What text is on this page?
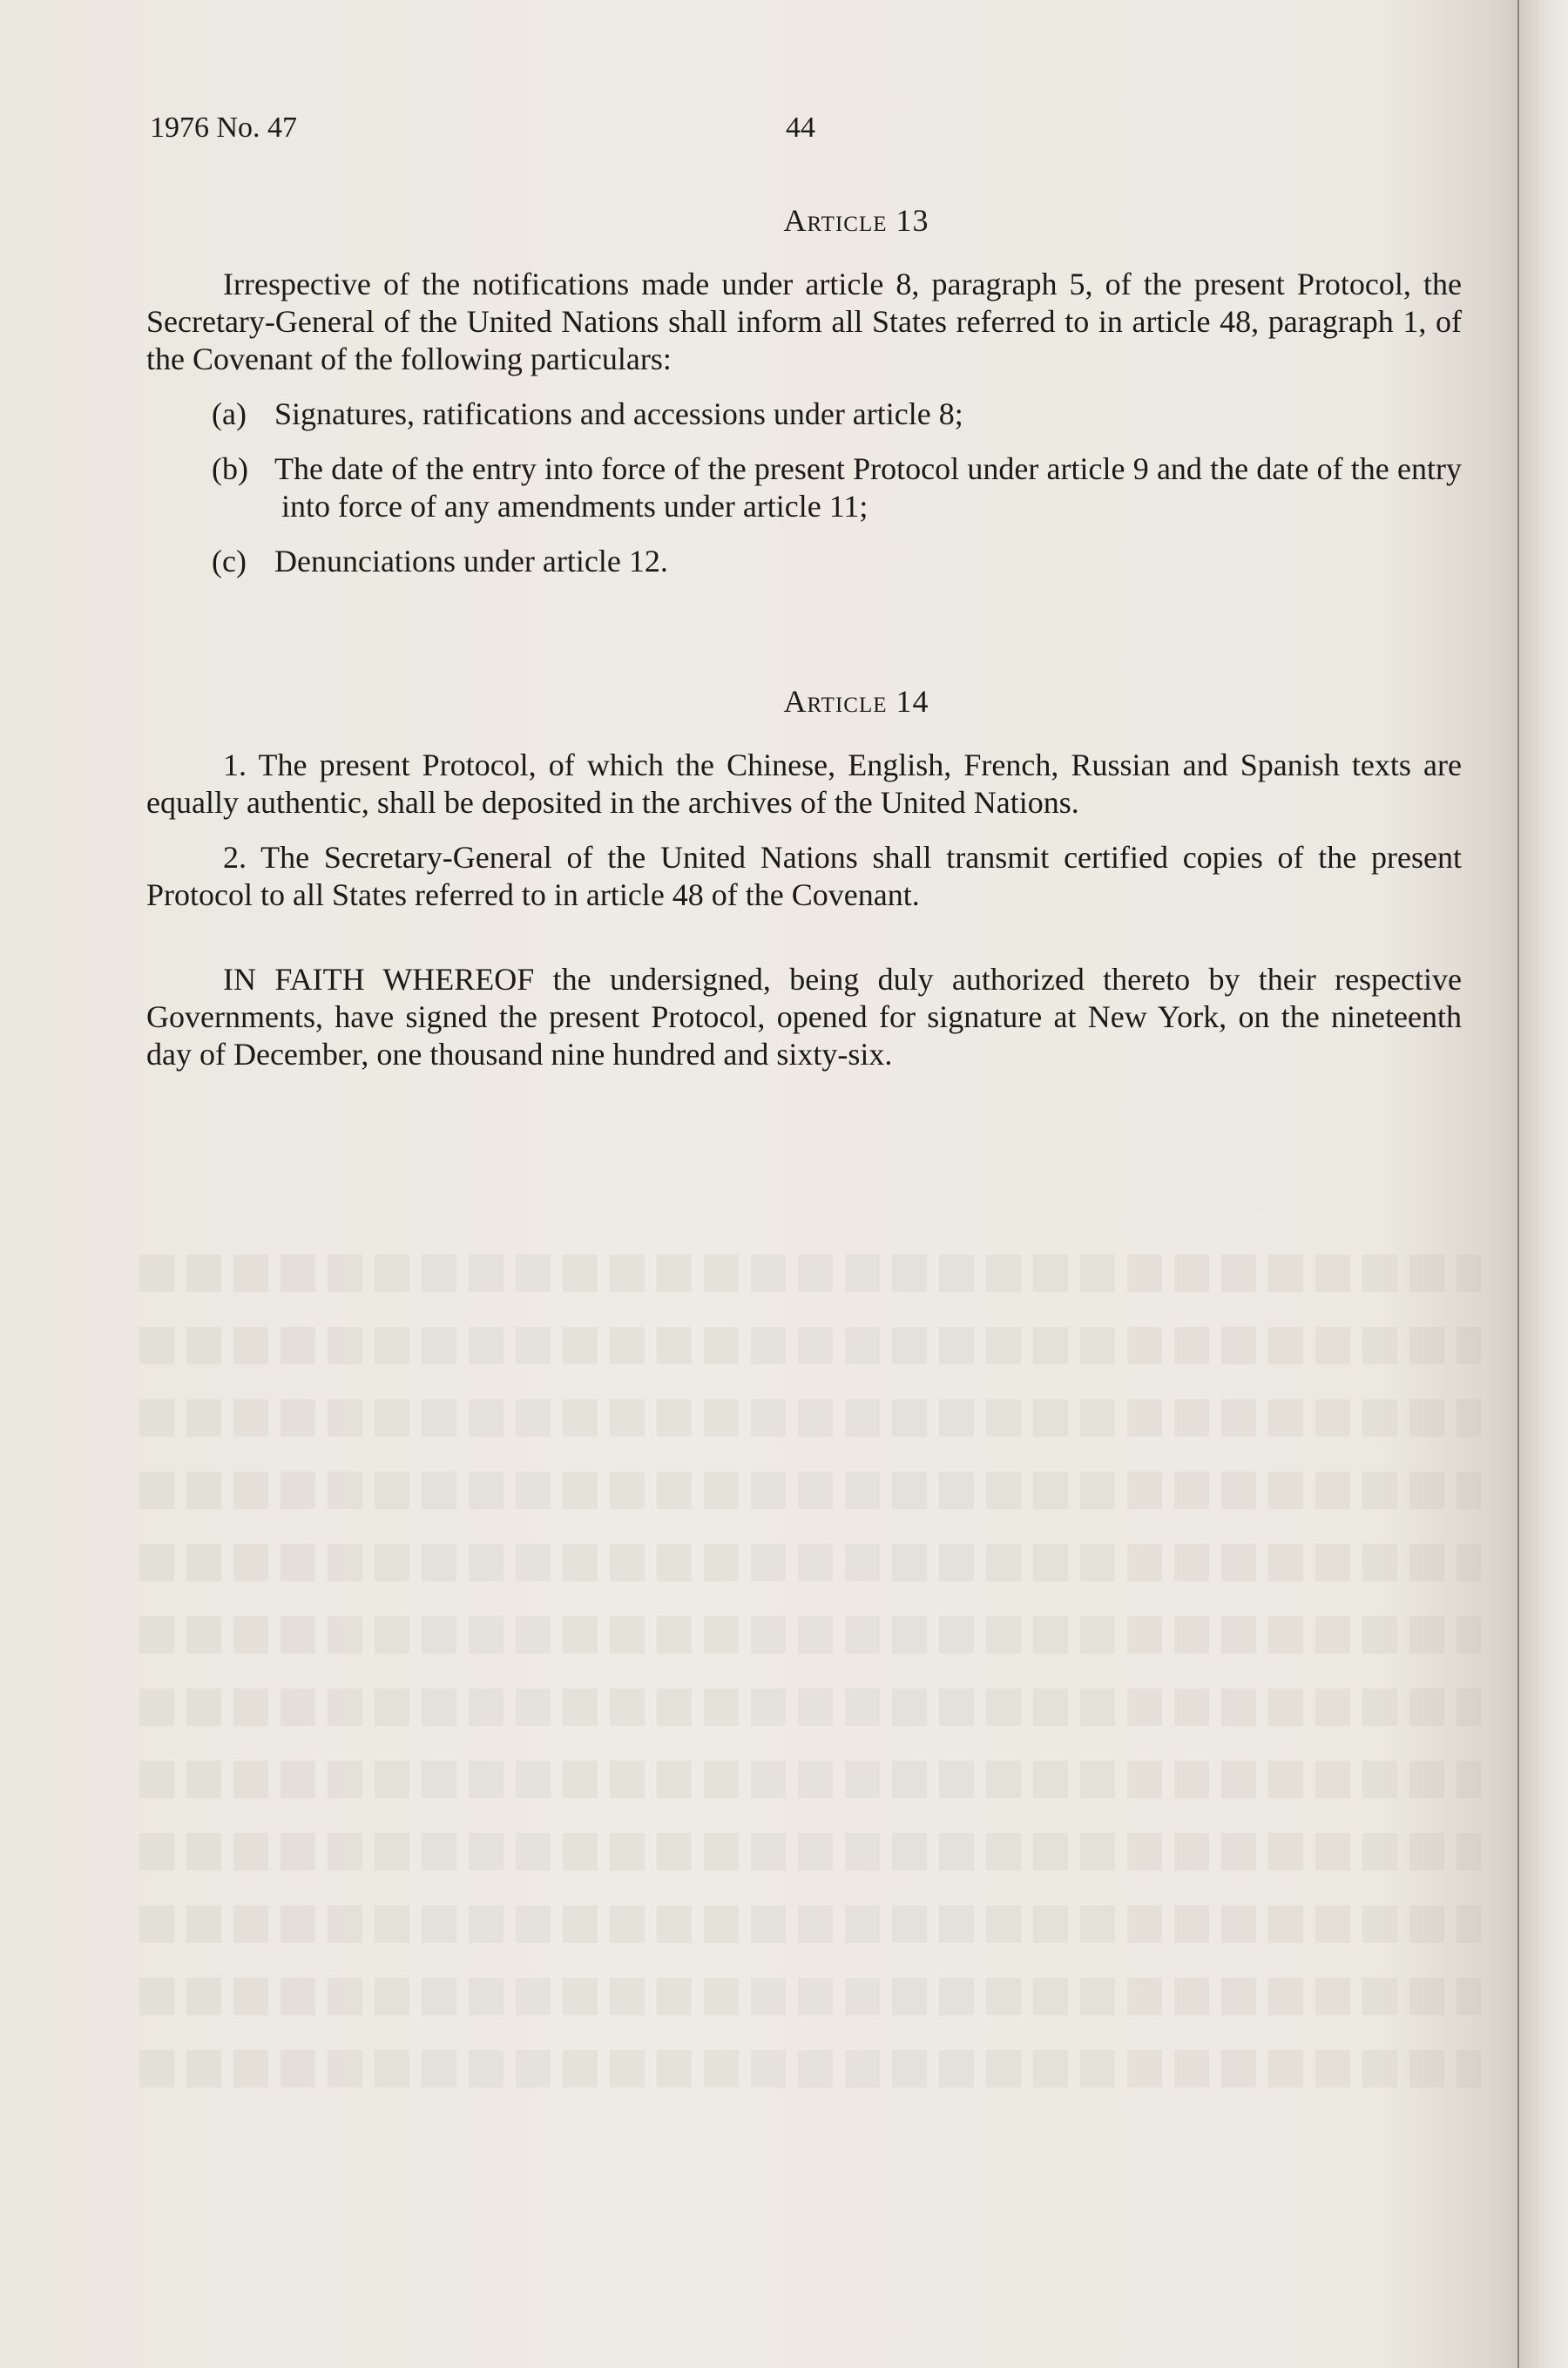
1976 No. 47	44
Article 13

Irrespective of the notifications made under article 8, paragraph 5, of the present Protocol, the Secretary-General of the United Nations shall inform all States referred to in article 48, paragraph 1, of the Covenant of the following particulars:

(a) Signatures, ratifications and accessions under article 8;

(b) The date of the entry into force of the present Protocol under article 9 and the date of the entry into force of any amendments under article 11;

(c) Denunciations under article 12.

Article 14

1. The present Protocol, of which the Chinese, English, French, Russian and Spanish texts are equally authentic, shall be deposited in the archives of the United Nations.

2. The Secretary-General of the United Nations shall transmit certified copies of the present Protocol to all States referred to in article 48 of the Covenant.

IN FAITH WHEREOF the undersigned, being duly authorized thereto by their respective Governments, have signed the present Protocol, opened for signature at New York, on the nineteenth day of December, one thousand nine hundred and sixty-six.
